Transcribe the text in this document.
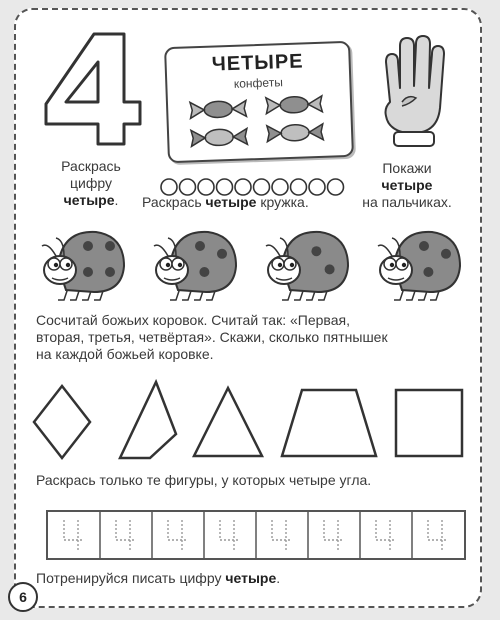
ЧЕТЫРЕ
конфеты
Раскрась
цифру
четыре.	Раскрась четыре кружка.
Покажи
четыре
на пальчиках.
Сосчитай божьих коровок. Считай так: «Первая,
вторая, третья, четвёртая». Скажи, сколько пятнышек
на каждой божьей коровке.
Раскрась только те фигуры, у которых четыре угла.
Потренируйся писать цифру четыре.
6
